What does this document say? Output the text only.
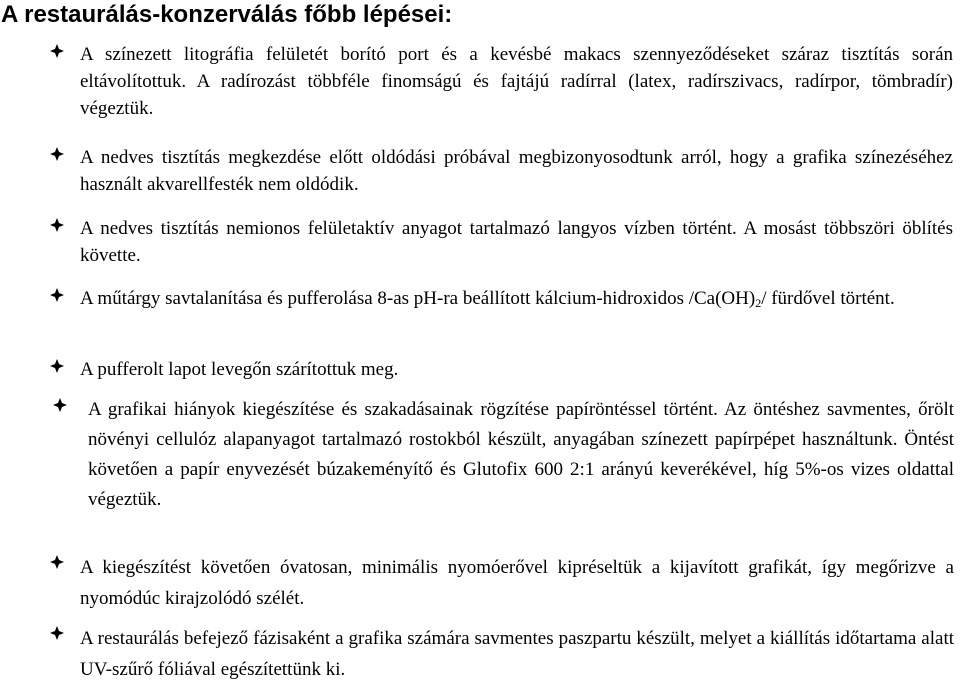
A restaurálás-konzerválás főbb lépései:
A színezett litográfia felületét borító port és a kevésbé makacs szennyeződéseket száraz tisztítás során eltávolítottuk. A radírozást többféle finomságú és fajtájú radírral (latex, radírszivacs, radírpor, tömbradír) végeztük.
A nedves tisztítás megkezdése előtt oldódási próbával megbizonyosodtunk arról, hogy a grafika színezéséhez használt akvarellfesték nem oldódik.
A nedves tisztítás nemionos felületaktív anyagot tartalmazó langyos vízben történt. A mosást többszöri öblítés követte.
A műtárgy savtalanítása és pufferolása 8-as pH-ra beállított kálcium-hidroxidos $/Ca(OH)_2/$ fürdővel történt.
A pufferolt lapot levegőn szárítottuk meg.
A grafikai hiányok kiegészítése és szakadásainak rögzítése papíröntéssel történt. Az öntéshez savmentes, őrölt növényi cellulóz alapanyagot tartalmazó rostokból készült, anyagában színezett papírpépet használtunk. Öntést követően a papír enyvezését búzakeményítő és Glutofix 600 2:1 arányú keverékével, híg 5%-os vizes oldattal végeztük.
A kiegészítést követően óvatosan, minimális nyomóerővel kipréseltük a kijavított grafikát, így megőrizve a nyomódúc kirajzolódó szélét.
A restaurálás befejező fázisaként a grafika számára savmentes paszpartu készült, melyet a kiállítás időtartama alatt UV-szűrő fóliával egészítettünk ki.
